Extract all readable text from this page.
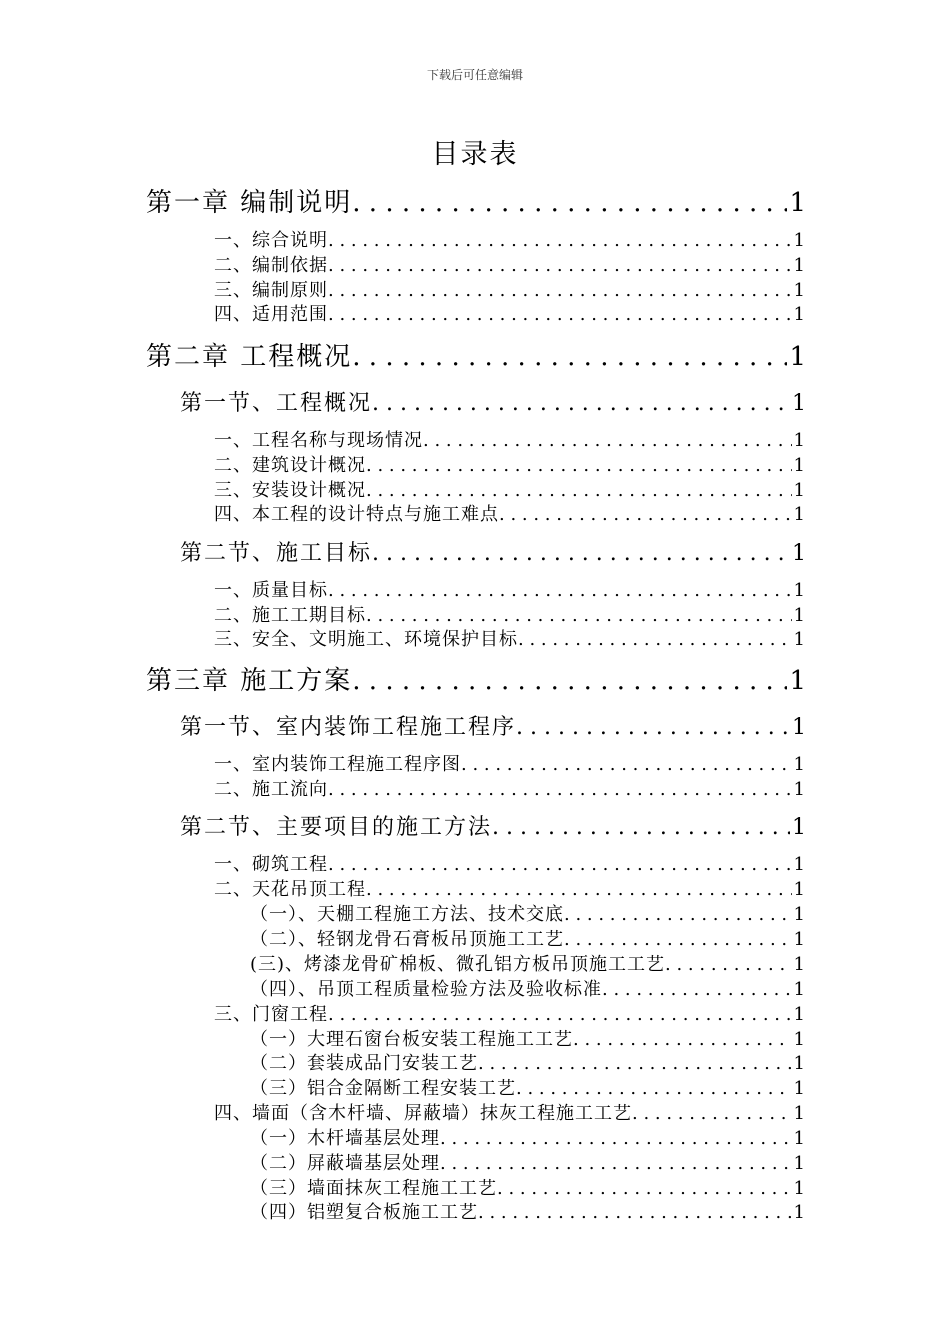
下载后可任意编辑
目录表
第一章 编制说明 . . .	1
一、综合说明 . . .	1
二、编制依据 . . .	1
三、编制原则 . . .	1
四、适用范围 . . .	1
第二章 工程概况 . . .	1
第一节、工程概况 . . .	1
一、工程名称与现场情况 . . .	1
二、建筑设计概况 . . .	1
三、安装设计概况 . . .	1
四、本工程的设计特点与施工难点 . . .	1
第二节、施工目标 . . .	1
一、质量目标 . . .	1
二、施工工期目标 . . .	1
三、安全、文明施工、环境保护目标 . . .	1
第三章 施工方案 . . .	1
第一节、室内装饰工程施工程序 . . .	1
一、室内装饰工程施工程序图 . . .	1
二、施工流向 . . .	1
第二节、主要项目的施工方法 . . .	1
一、砌筑工程 . . .	1
二、天花吊顶工程 . . .	1
（一）、天棚工程施工方法、技术交底 . . .	1
（二）、轻钢龙骨石膏板吊顶施工工艺 . . .	1
(三)、烤漆龙骨矿棉板、微孔铝方板吊顶施工工艺 . . .	1
（四）、吊顶工程质量检验方法及验收标准 . . .	1
三、门窗工程 . . .	1
（一）大理石窗台板安装工程施工工艺 . . .	1
（二）套装成品门安装工艺 . . .	1
（三）铝合金隔断工程安装工艺 . . .	1
四、墙面（含木杆墙、屏蔽墙）抹灰工程施工工艺 . . .	1
（一）木杆墙基层处理 . . .	1
（二）屏蔽墙基层处理 . . .	1
（三）墙面抹灰工程施工工艺 . . .	1
（四）铝塑复合板施工工艺 . . .	1
